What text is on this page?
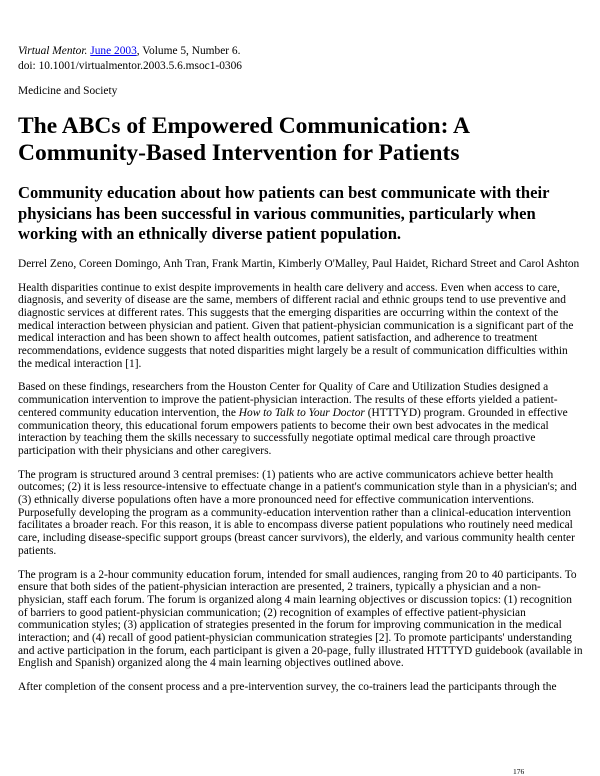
Virtual Mentor. June 2003, Volume 5, Number 6.
doi: 10.1001/virtualmentor.2003.5.6.msoc1-0306

Medicine and Society

The ABCs of Empowered Communication: A Community-Based Intervention for Patients
Community education about how patients can best communicate with their physicians has been successful in various communities, particularly when working with an ethnically diverse patient population.

Derrel Zeno, Coreen Domingo, Anh Tran, Frank Martin, Kimberly O'Malley, Paul Haidet, Richard Street and Carol Ashton

Health disparities continue to exist despite improvements in health care delivery and access. Even when access to care, diagnosis, and severity of disease are the same, members of different racial and ethnic groups tend to use preventive and diagnostic services at different rates. This suggests that the emerging disparities are occurring within the context of the medical interaction between physician and patient. Given that patient-physician communication is a significant part of the medical interaction and has been shown to affect health outcomes, patient satisfaction, and adherence to treatment recommendations, evidence suggests that noted disparities might largely be a result of communication difficulties within the medical interaction [1].

Based on these findings, researchers from the Houston Center for Quality of Care and Utilization Studies designed a communication intervention to improve the patient-physician interaction. The results of these efforts yielded a patient-centered community education intervention, the How to Talk to Your Doctor (HTTTYD) program. Grounded in effective communication theory, this educational forum empowers patients to become their own best advocates in the medical interaction by teaching them the skills necessary to successfully negotiate optimal medical care through proactive participation with their physicians and other caregivers.

The program is structured around 3 central premises: (1) patients who are active communicators achieve better health outcomes; (2) it is less resource-intensive to effectuate change in a patient's communication style than in a physician's; and (3) ethnically diverse populations often have a more pronounced need for effective communication interventions. Purposefully developing the program as a community-education intervention rather than a clinical-education intervention facilitates a broader reach. For this reason, it is able to encompass diverse patient populations who routinely need medical care, including disease-specific support groups (breast cancer survivors), the elderly, and various community health center patients.

The program is a 2-hour community education forum, intended for small audiences, ranging from 20 to 40 participants. To ensure that both sides of the patient-physician interaction are presented, 2 trainers, typically a physician and a non-physician, staff each forum. The forum is organized along 4 main learning objectives or discussion topics: (1) recognition of barriers to good patient-physician communication; (2) recognition of examples of effective patient-physician communication styles; (3) application of strategies presented in the forum for improving communication in the medical interaction; and (4) recall of good patient-physician communication strategies [2]. To promote participants' understanding and active participation in the forum, each participant is given a 20-page, fully illustrated HTTTYD guidebook (available in English and Spanish) organized along the 4 main learning objectives outlined above.

After completion of the consent process and a pre-intervention survey, the co-trainers lead the participants through the

176
